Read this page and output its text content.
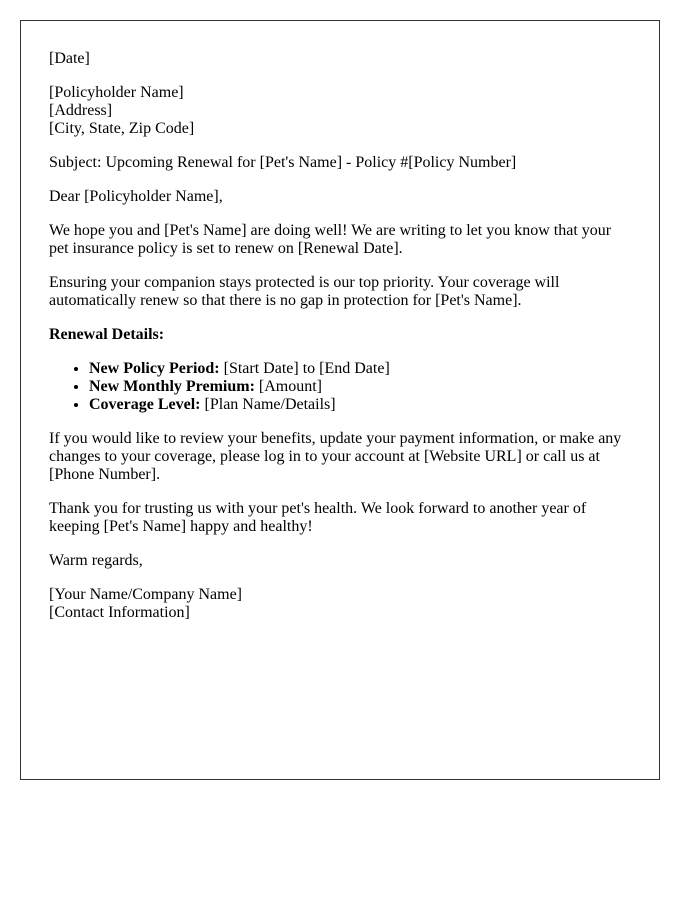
[Date]

[Policyholder Name]
[Address]
[City, State, Zip Code]

Subject: Upcoming Renewal for [Pet's Name] - Policy #[Policy Number]

Dear [Policyholder Name],

We hope you and [Pet's Name] are doing well! We are writing to let you know that your pet insurance policy is set to renew on [Renewal Date].

Ensuring your companion stays protected is our top priority. Your coverage will automatically renew so that there is no gap in protection for [Pet's Name].

Renewal Details:

• New Policy Period: [Start Date] to [End Date]
• New Monthly Premium: [Amount]
• Coverage Level: [Plan Name/Details]

If you would like to review your benefits, update your payment information, or make any changes to your coverage, please log in to your account at [Website URL] or call us at [Phone Number].

Thank you for trusting us with your pet's health. We look forward to another year of keeping [Pet's Name] happy and healthy!

Warm regards,

[Your Name/Company Name]
[Contact Information]
